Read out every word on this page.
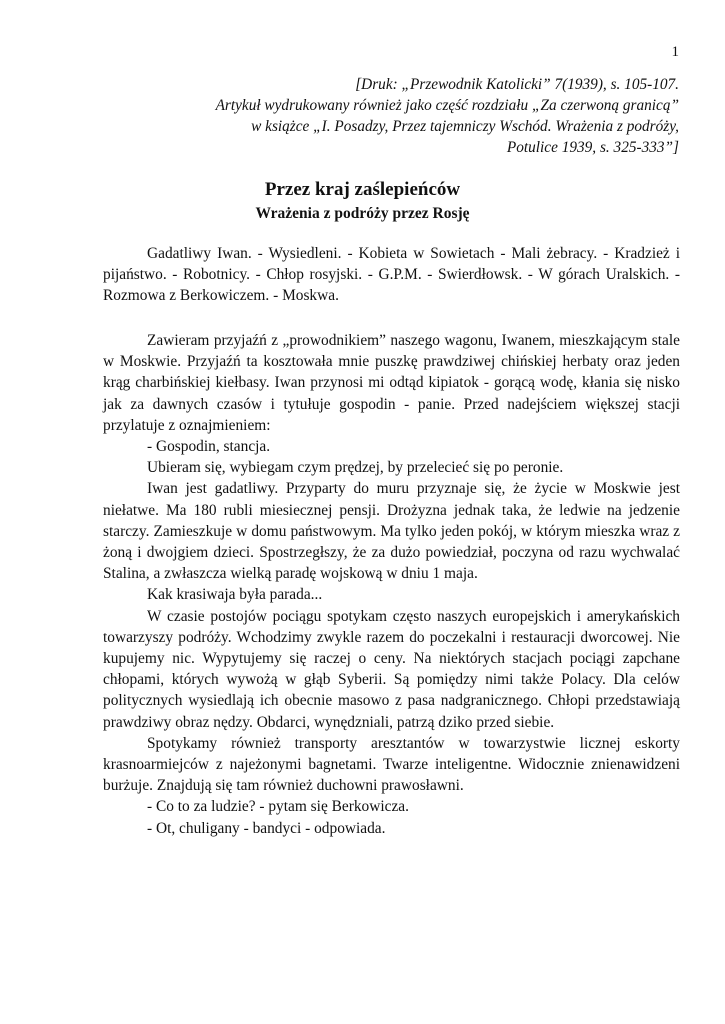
1
[Druk: „Przewodnik Katolicki” 7(1939), s. 105-107.
Artykuł wydrukowany również jako część rozdziału „Za czerwoną granicą”
w książce „I. Posadzy, Przez tajemniczy Wschód. Wrażenia z podróży,
Potulice 1939, s. 325-333”]
Przez kraj zaślepieńców
Wrażenia z podróży przez Rosję

Gadatliwy Iwan. - Wysiedleni. - Kobieta w Sowietach - Mali żebracy. - Kradzież i pijaństwo. - Robotnicy. - Chłop rosyjski. - G.P.M. - Swierdłowsk. - W górach Uralskich. - Rozmowa z Berkowiczem. - Moskwa.

Zawieram przyjaźń z „prowodnikiem” naszego wagonu, Iwanem, mieszkającym stale w Moskwie. Przyjaźń ta kosztowała mnie puszkę prawdziwej chińskiej herbaty oraz jeden krąg charbińskiej kiełbasy. Iwan przynosi mi odtąd kipiatok - gorącą wodę, kłania się nisko jak za dawnych czasów i tytułuje gospodin - panie. Przed nadejściem większej stacji przylatuje z oznajmieniem:

- Gospodin, stancja.

Ubieram się, wybiegam czym prędzej, by przelecieć się po peronie.

Iwan jest gadatliwy. Przyparty do muru przyznaje się, że życie w Moskwie jest niełatwe. Ma 180 rubli miesiecznej pensji. Drożyzna jednak taka, że ledwie na jedzenie starczy. Zamieszkuje w domu państwowym. Ma tylko jeden pokój, w którym mieszka wraz z żoną i dwojgiem dzieci. Spostrzegłszy, że za dużo powiedział, poczyna od razu wychwalać Stalina, a zwłaszcza wielką paradę wojskową w dniu 1 maja.

Kak krasiwaja była parada...

W czasie postojów pociągu spotykam często naszych europejskich i amerykańskich towarzyszy podróży. Wchodzimy zwykle razem do poczekalni i restauracji dworcowej. Nie kupujemy nic. Wypytujemy się raczej o ceny. Na niektórych stacjach pociągi zapchane chłopami, których wywożą w głąb Syberii. Są pomiędzy nimi także Polacy. Dla celów politycznych wysiedlają ich obecnie masowo z pasa nadgranicznego. Chłopi przedstawiają prawdziwy obraz nędzy. Obdarci, wynędzniali, patrzą dziko przed siebie.

Spotykamy również transporty aresztantów w towarzystwie licznej eskorty krasnoarmiejców z najeżonymi bagnetami. Twarze inteligentne. Widocznie znienawidzeni burżuje. Znajdują się tam również duchowni prawosławni.

- Co to za ludzie? - pytam się Berkowicza.

- Ot, chuligany - bandyci - odpowiada.
